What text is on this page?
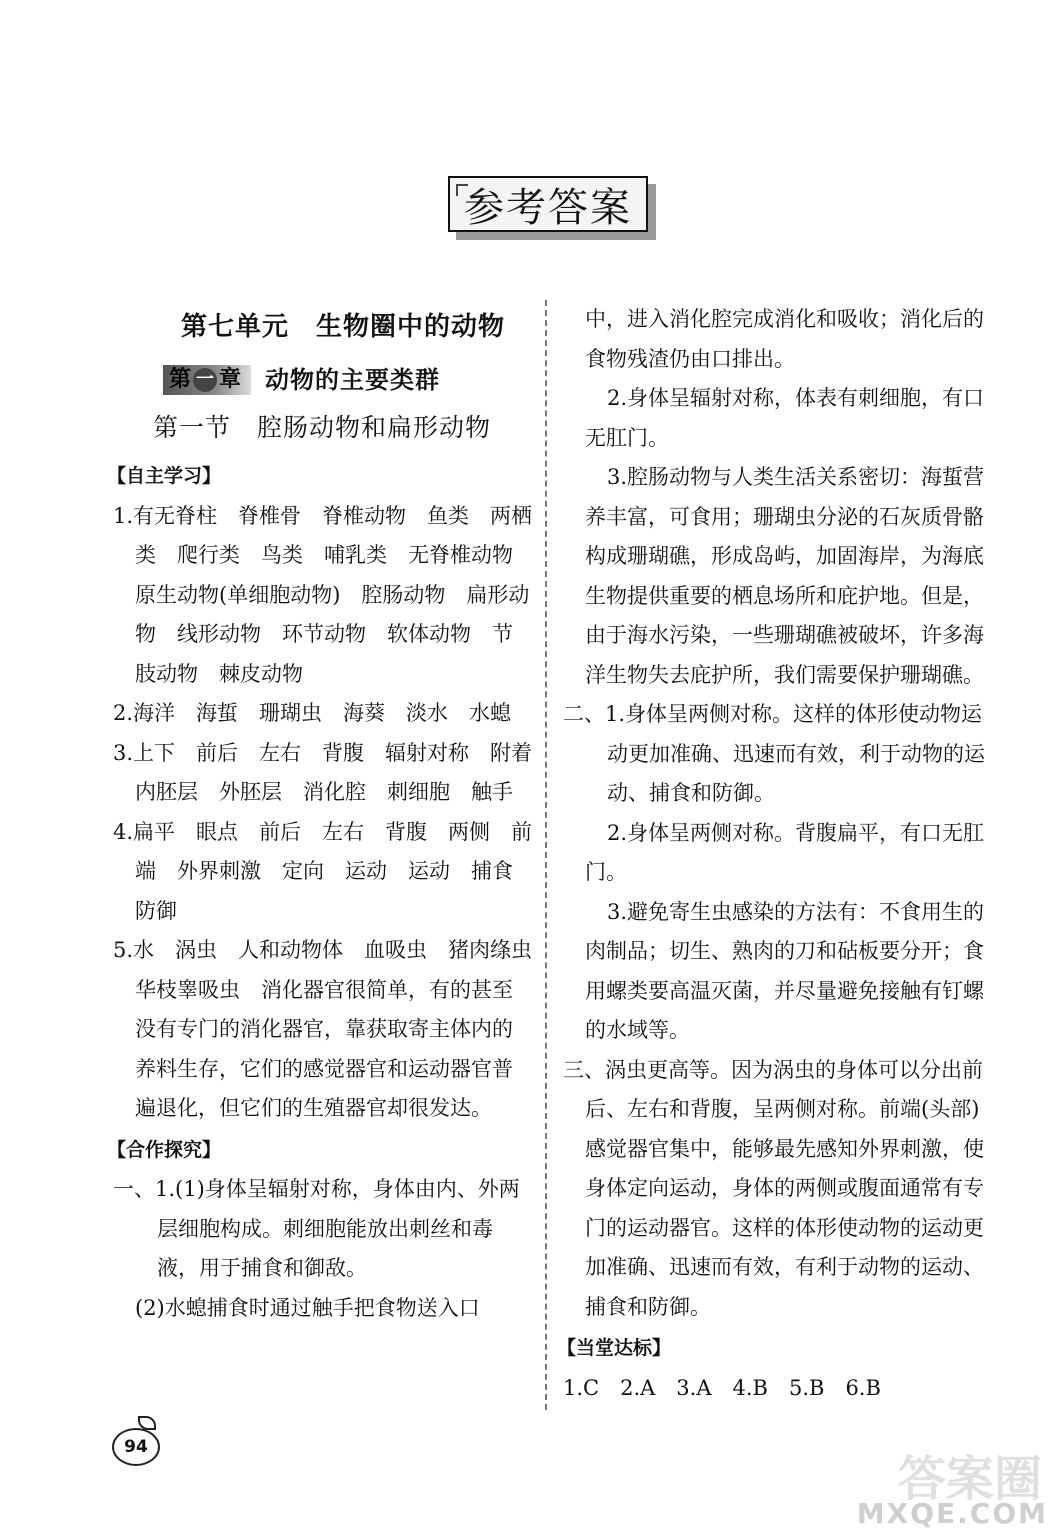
参考答案
第七单元　生物圈中的动物
第 一 章 动物的主要类群
第一节　腔肠动物和扁形动物
【自主学习】

1.有无脊柱　脊椎骨　脊椎动物　鱼类　两栖类　爬行类　鸟类　哺乳类　无脊椎动物　原生动物(单细胞动物)　腔肠动物　扁形动物　线形动物　环节动物　软体动物　节肢动物　棘皮动物

2.海洋　海蜇　珊瑚虫　海葵　淡水　水螅

3.上下　前后　左右　背腹　辐射对称　附着　内胚层　外胚层　消化腔　刺细胞　触手

4.扁平　眼点　前后　左右　背腹　两侧　前端　外界刺激　定向　运动　运动　捕食　防御

5.水　涡虫　人和动物体　血吸虫　猪肉绦虫　华枝睾吸虫　消化器官很简单，有的甚至没有专门的消化器官，靠获取寄主体内的养料生存，它们的感觉器官和运动器官普遍退化，但它们的生殖器官却很发达。

【合作探究】

一、1.(1)身体呈辐射对称，身体由内、外两层细胞构成。刺细胞能放出刺丝和毒液，用于捕食和御敌。

(2)水螅捕食时通过触手把食物送入口

中，进入消化腔完成消化和吸收；消化后的食物残渣仍由口排出。

2.身体呈辐射对称，体表有刺细胞，有口无肛门。

3.腔肠动物与人类生活关系密切：海蜇营养丰富，可食用；珊瑚虫分泌的石灰质骨骼构成珊瑚礁，形成岛屿，加固海岸，为海底生物提供重要的栖息场所和庇护地。但是，由于海水污染，一些珊瑚礁被破坏，许多海洋生物失去庇护所，我们需要保护珊瑚礁。

二、1.身体呈两侧对称。这样的体形使动物运动更加准确、迅速而有效，利于动物的运动、捕食和防御。

2.身体呈两侧对称。背腹扁平，有口无肛门。

3.避免寄生虫感染的方法有：不食用生的肉制品；切生、熟肉的刀和砧板要分开；食用螺类要高温灭菌，并尽量避免接触有钉螺的水域等。

三、涡虫更高等。因为涡虫的身体可以分出前后、左右和背腹，呈两侧对称。前端(头部)感觉器官集中，能够最先感知外界刺激，使身体定向运动，身体的两侧或腹面通常有专门的运动器官。这样的体形使动物的运动更加准确、迅速而有效，有利于动物的运动、捕食和防御。

【当堂达标】

1.C　2.A　3.A　4.B　5.B　6.B

94
答案圈
MXQE.COM
